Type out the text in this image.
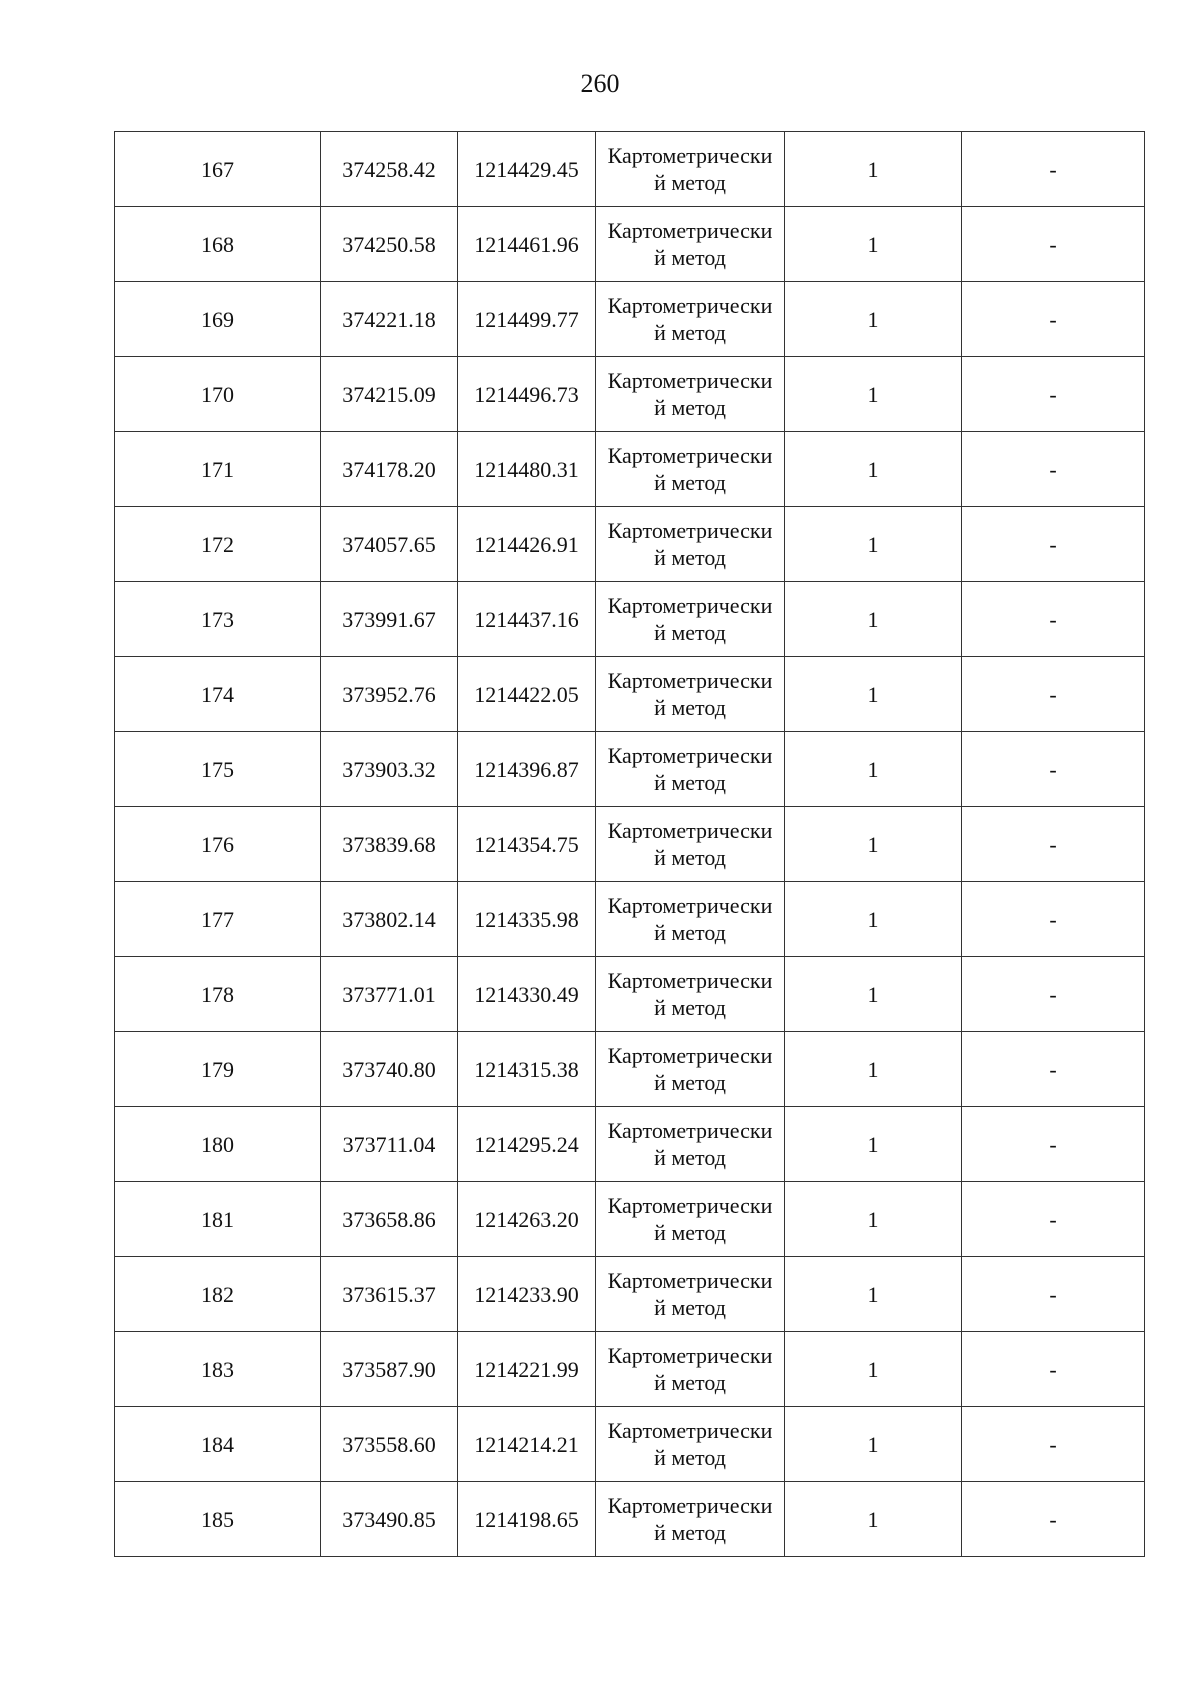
260
167	374258.42	1214429.45	Картометрический метод	1	-
168	374250.58	1214461.96	Картометрический метод	1	-
169	374221.18	1214499.77	Картометрический метод	1	-
170	374215.09	1214496.73	Картометрический метод	1	-
171	374178.20	1214480.31	Картометрический метод	1	-
172	374057.65	1214426.91	Картометрический метод	1	-
173	373991.67	1214437.16	Картометрический метод	1	-
174	373952.76	1214422.05	Картометрический метод	1	-
175	373903.32	1214396.87	Картометрический метод	1	-
176	373839.68	1214354.75	Картометрический метод	1	-
177	373802.14	1214335.98	Картометрический метод	1	-
178	373771.01	1214330.49	Картометрический метод	1	-
179	373740.80	1214315.38	Картометрический метод	1	-
180	373711.04	1214295.24	Картометрический метод	1	-
181	373658.86	1214263.20	Картометрический метод	1	-
182	373615.37	1214233.90	Картометрический метод	1	-
183	373587.90	1214221.99	Картометрический метод	1	-
184	373558.60	1214214.21	Картометрический метод	1	-
185	373490.85	1214198.65	Картометрический метод	1	-
